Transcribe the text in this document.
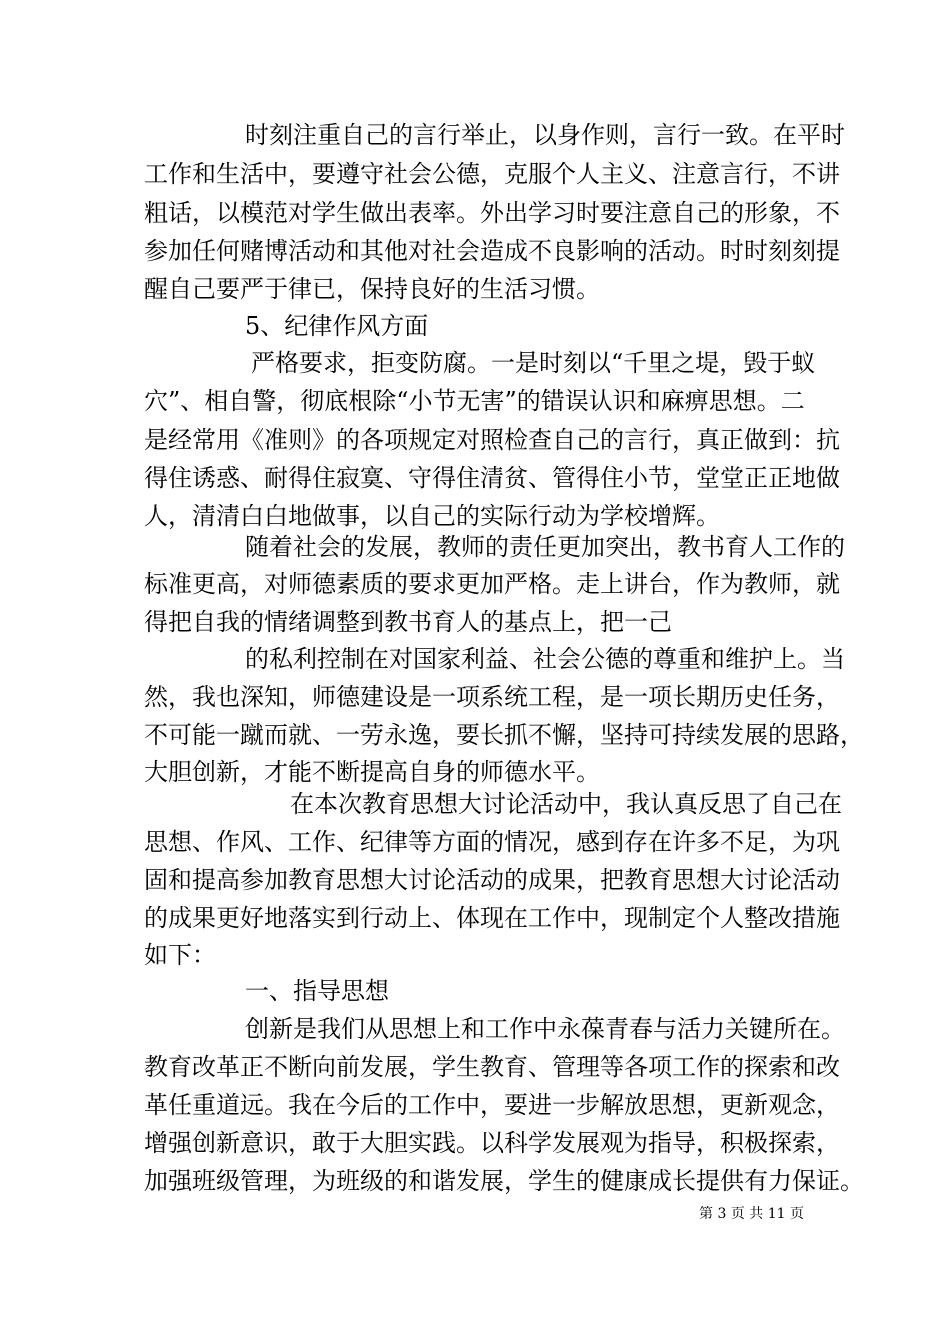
时刻注重自己的言行举止，以身作则，言行一致。在平时
工作和生活中，要遵守社会公德，克服个人主义、注意言行，不讲
粗话，以模范对学生做出表率。外出学习时要注意自己的形象，不
参加任何赌博活动和其他对社会造成不良影响的活动。时时刻刻提
醒自己要严于律已，保持良好的生活习惯。
5、纪律作风方面
严格要求，拒变防腐。一是时刻以“千里之堤，毁于蚁
穴”、相自警，彻底根除“小节无害”的错误认识和麻痹思想。二
是经常用《准则》的各项规定对照检查自己的言行，真正做到：抗
得住诱惑、耐得住寂寞、守得住清贫、管得住小节，堂堂正正地做
人，清清白白地做事，以自己的实际行动为学校增辉。
随着社会的发展，教师的责任更加突出，教书育人工作的
标准更高，对师德素质的要求更加严格。走上讲台，作为教师，就
得把自我的情绪调整到教书育人的基点上，把一己
的私利控制在对国家利益、社会公德的尊重和维护上。当
然，我也深知，师德建设是一项系统工程，是一项长期历史任务，
不可能一蹴而就、一劳永逸，要长抓不懈，坚持可持续发展的思路，
大胆创新，才能不断提高自身的师德水平。
在本次教育思想大讨论活动中，我认真反思了自己在
思想、作风、工作、纪律等方面的情况，感到存在许多不足，为巩
固和提高参加教育思想大讨论活动的成果，把教育思想大讨论活动
的成果更好地落实到行动上、体现在工作中，现制定个人整改措施
如下：
一、指导思想
创新是我们从思想上和工作中永葆青春与活力关键所在。
教育改革正不断向前发展，学生教育、管理等各项工作的探索和改
革任重道远。我在今后的工作中，要进一步解放思想，更新观念，
增强创新意识，敢于大胆实践。以科学发展观为指导，积极探索，
加强班级管理，为班级的和谐发展，学生的健康成长提供有力保证。
第 3 页 共 11 页
